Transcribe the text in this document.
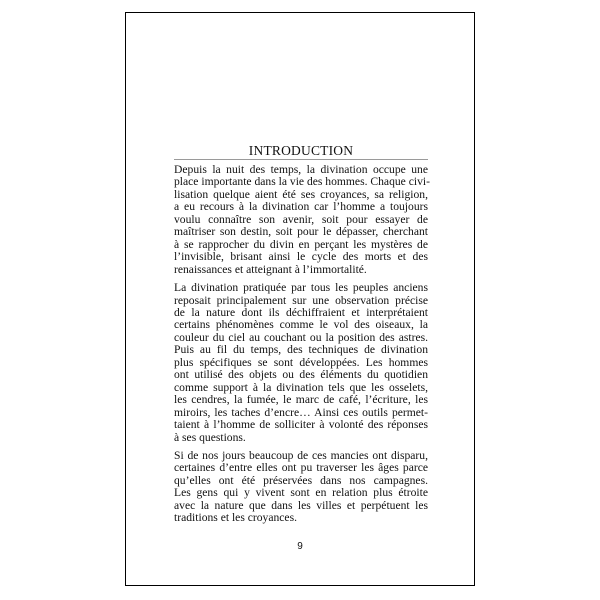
INTRODUCTION

Depuis la nuit des temps, la divination occupe une
place importante dans la vie des hommes. Chaque civi-
lisation quelque aient été ses croyances, sa religion,
a eu recours à la divination car l’homme a toujours
voulu connaître son avenir, soit pour essayer de
maîtriser son destin, soit pour le dépasser, cherchant
à se rapprocher du divin en perçant les mystères de
l’invisible, brisant ainsi le cycle des morts et des
renaissances et atteignant à l’immortalité.

La divination pratiquée par tous les peuples anciens
reposait principalement sur une observation précise
de la nature dont ils déchiffraient et interprétaient
certains phénomènes comme le vol des oiseaux, la
couleur du ciel au couchant ou la position des astres.
Puis au fil du temps, des techniques de divination
plus spécifiques se sont développées. Les hommes
ont utilisé des objets ou des éléments du quotidien
comme support à la divination tels que les osselets,
les cendres, la fumée, le marc de café, l’écriture, les
miroirs, les taches d’encre… Ainsi ces outils permet-
taient à l’homme de solliciter à volonté des réponses
à ses questions.

Si de nos jours beaucoup de ces mancies ont disparu,
certaines d’entre elles ont pu traverser les âges parce
qu’elles ont été préservées dans nos campagnes.
Les gens qui y vivent sont en relation plus étroite
avec la nature que dans les villes et perpétuent les
traditions et les croyances.

9
